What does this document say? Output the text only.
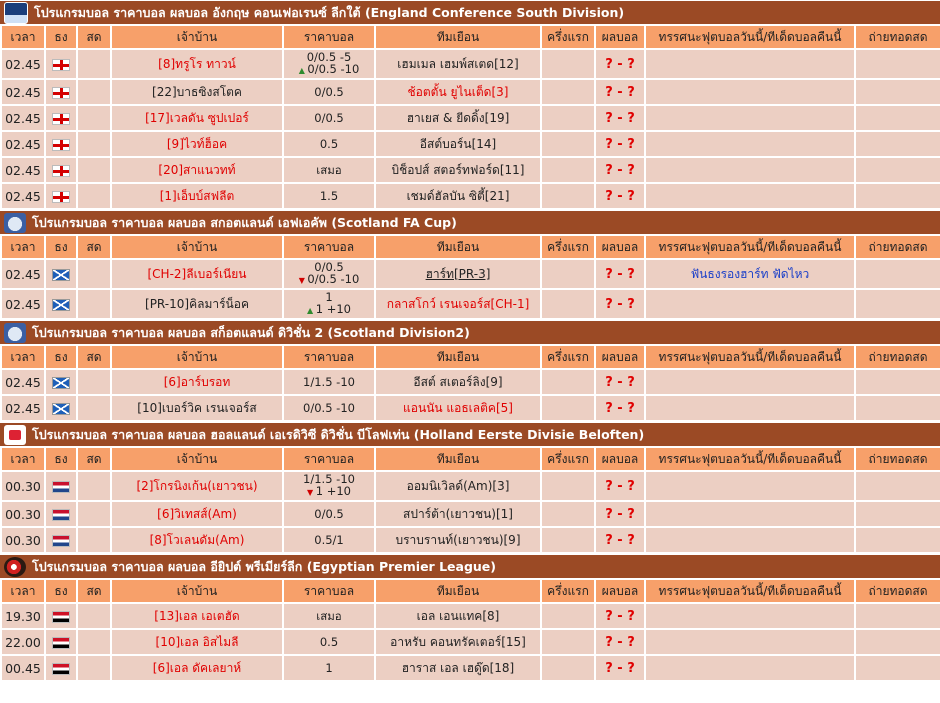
โปรแกรมบอล ราคาบอล ผลบอล อังกฤษ คอนเฟอเรนซ์ ลีกใต้ (England Conference South Division)
เวลา	ธง	สด	เจ้าบ้าน	ราคาบอล	ทีมเยือน	ครึ่งแรก	ผลบอล	ทรรศนะฟุตบอลวันนี้/ทีเด็ดบอลคืนนี้	ถ่ายทอดสด
02.45			[8]ทรูโร ทาวน์	0/0.5 -5
▲ 0/0.5 -10	เฮมเมล เฮมพ์สเตด[12]		? - ?		
02.45			[22]บาธซิงสโตค	0/0.5	ช้อตตั้น ยูไนเต็ด[3]		? - ?		
02.45			[17]เวลดัน ซูปเปอร์	0/0.5	ฮาเยส & ยีดดิ้ง[19]		? - ?		
02.45			[9]ไวท์ฮ็อค	0.5	อีสต์บอร์น[14]		? - ?		
02.45			[20]สาแนวทท์	เสมอ	บิช็อปส์ สตอร์ทฟอร์ด[11]		? - ?		
02.45			[1]เอ็บบ์สฟลีต	1.5	เชมด์ฮัลบัน ซิตี้[21]		? - ?		
โปรแกรมบอล ราคาบอล ผลบอล สกอตแลนด์ เอฟเอคัพ (Scotland FA Cup)
เวลา	ธง	สด	เจ้าบ้าน	ราคาบอล	ทีมเยือน	ครึ่งแรก	ผลบอล	ทรรศนะฟุตบอลวันนี้/ทีเด็ดบอลคืนนี้	ถ่ายทอดสด
02.45			[CH-2]ลีเบอร์เนียน	0/0.5
▼ 0/0.5 -10	ฮาร์ท[PR-3]		? - ?	ฟันธงรองฮาร์ท ฟัดไหว	
02.45			[PR-10]คิลมาร์น็อค	1
▲ 1 +10	กลาสโกว์ เรนเจอร์ส[CH-1]		? - ?		
โปรแกรมบอล ราคาบอล ผลบอล สก็อตแลนด์ ดิวิชั่น 2 (Scotland Division2)
เวลา	ธง	สด	เจ้าบ้าน	ราคาบอล	ทีมเยือน	ครึ่งแรก	ผลบอล	ทรรศนะฟุตบอลวันนี้/ทีเด็ดบอลคืนนี้	ถ่ายทอดสด
02.45			[6]อาร์บรอท	1/1.5 -10	อีสต์ สเตอร์ลิง[9]		? - ?		
02.45			[10]เบอร์วิค เรนเจอร์ส	0/0.5 -10	แอนนัน แอธเลติค[5]		? - ?		
โปรแกรมบอล ราคาบอล ผลบอล ฮอลแลนด์ เอเรดิวิซี ดิวิชั่น บีโลฟเท่น (Holland Eerste Divisie Beloften)
เวลา	ธง	สด	เจ้าบ้าน	ราคาบอล	ทีมเยือน	ครึ่งแรก	ผลบอล	ทรรศนะฟุตบอลวันนี้/ทีเด็ดบอลคืนนี้	ถ่ายทอดสด
00.30			[2]โกรนิงเก้น(เยาวชน)	1/1.5 -10
▼ 1 +10	ออมนิเวิลด์(Am)[3]		? - ?		
00.30			[6]วิเทสส์(Am)	0/0.5	สปาร์ต้า(เยาวชน)[1]		? - ?		
00.30			[8]โวเลนดัม(Am)	0.5/1	บราบรานท์(เยาวชน)[9]		? - ?		
โปรแกรมบอล ราคาบอล ผลบอล อียิปต์ พรีเมียร์ลีก (Egyptian Premier League)
เวลา	ธง	สด	เจ้าบ้าน	ราคาบอล	ทีมเยือน	ครึ่งแรก	ผลบอล	ทรรศนะฟุตบอลวันนี้/ทีเด็ดบอลคืนนี้	ถ่ายทอดสด
19.30			[13]เอล เอเตฮัด	เสมอ	เอล เอนแทค[8]		? - ?		
22.00			[10]เอล อิสไมลี	0.5	อาหรับ คอนทรัคเตอร์[15]		? - ?		
00.45			[6]เอล ดัคเลยาห์	1	ฮาราส เอล เฮดู๊ด[18]		? - ?		
